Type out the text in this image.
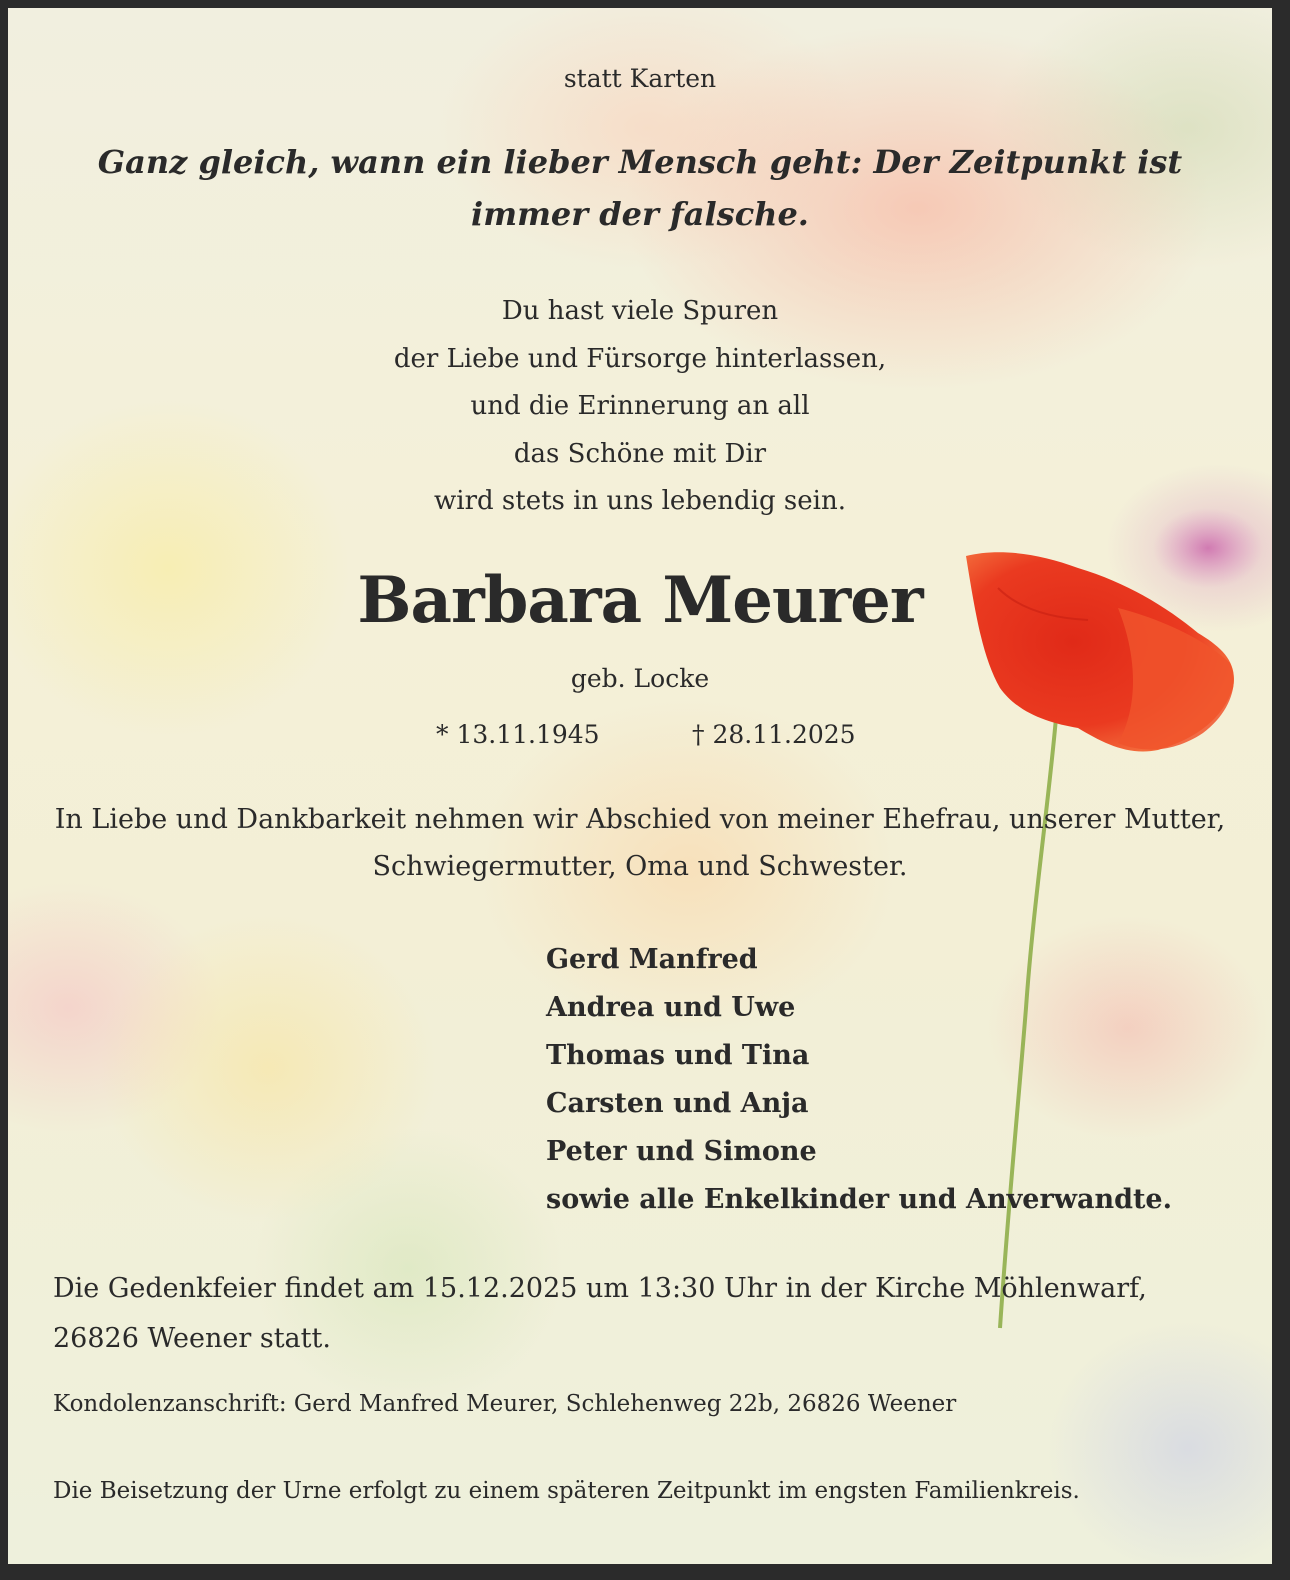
statt Karten

Ganz gleich, wann ein lieber Mensch geht: Der Zeitpunkt ist immer der falsche.

Du hast viele Spuren
der Liebe und Fürsorge hinterlassen,
und die Erinnerung an all
das Schöne mit Dir
wird stets in uns lebendig sein.
Barbara Meurer

geb. Locke

* 13.11.1945	† 28.11.2025

In Liebe und Dankbarkeit nehmen wir Abschied von meiner Ehefrau, unserer Mutter, Schwiegermutter, Oma und Schwester.

Gerd Manfred
Andrea und Uwe
Thomas und Tina
Carsten und Anja
Peter und Simone
sowie alle Enkelkinder und Anverwandte.

Die Gedenkfeier findet am 15.12.2025 um 13:30 Uhr in der Kirche Möhlenwarf, 26826 Weener statt.

Kondolenzanschrift: Gerd Manfred Meurer, Schlehenweg 22b, 26826 Weener

Die Beisetzung der Urne erfolgt zu einem späteren Zeitpunkt im engsten Familienkreis.
